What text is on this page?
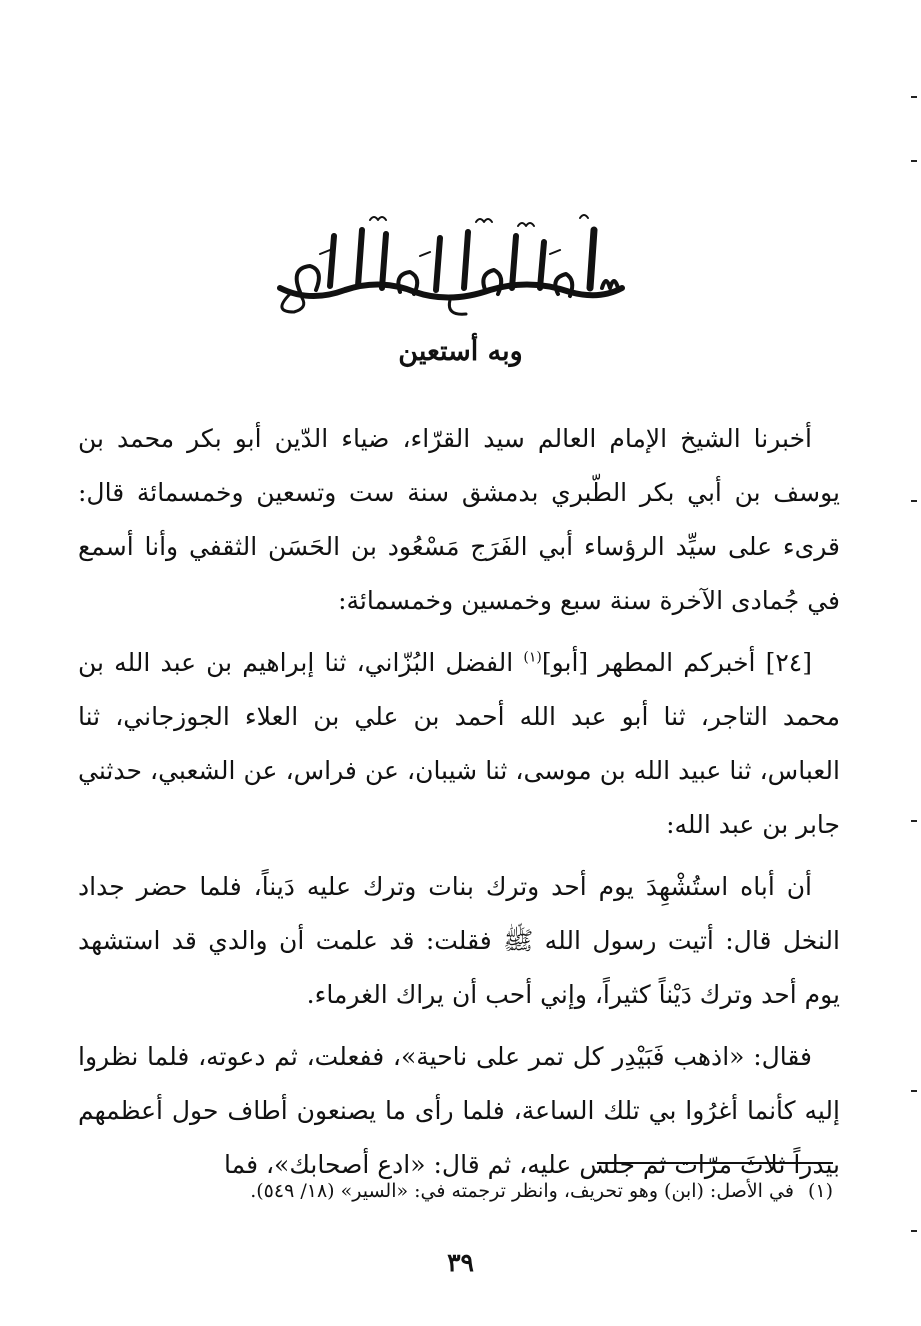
وبه أستعين

أخبرنا الشيخ الإمام العالم سيد القرّاء، ضياء الدّين أبو بكر محمد بن يوسف بن أبي بكر الطّبري بدمشق سنة ست وتسعين وخمسمائة قال: قرىء على سيِّد الرؤساء أبي الفَرَج مَسْعُود بن الحَسَن الثقفي وأنا أسمع في جُمادى الآخرة سنة سبع وخمسين وخمسمائة:

[٢٤] أخبركم المطهر [أبو]$^{(١)}$ الفضل البُزّاني، ثنا إبراهيم بن عبد الله بن محمد التاجر، ثنا أبو عبد الله أحمد بن علي بن العلاء الجوزجاني، ثنا العباس، ثنا عبيد الله بن موسى، ثنا شيبان، عن فراس، عن الشعبي، حدثني جابر بن عبد الله:

أن أباه استُشْهِدَ يوم أحد وترك بنات وترك عليه دَيناً، فلما حضر جداد النخل قال: أتيت رسول الله ﷺ فقلت: قد علمت أن والدي قد استشهد يوم أحد وترك دَيْناً كثيراً، وإني أحب أن يراك الغرماء.

فقال: «اذهب فَبَيْدِر كل تمر على ناحية»، ففعلت، ثم دعوته، فلما نظروا إليه كأنما أغرُوا بي تلك الساعة، فلما رأى ما يصنعون أطاف حول أعظمهم بيدراً ثلاثَ مرّات ثم جلس عليه، ثم قال: «ادع أصحابك»، فما

(١)في الأصل: (ابن) وهو تحريف، وانظر ترجمته في: «السير» (١٨/ ٥٤٩).
٣٩
